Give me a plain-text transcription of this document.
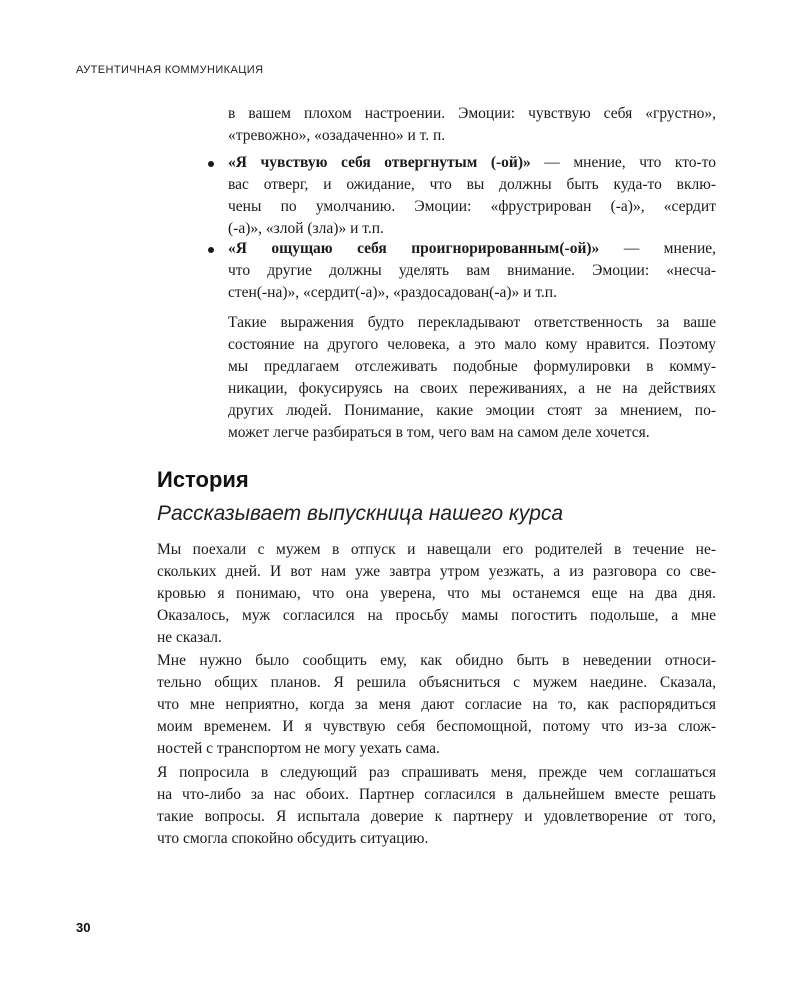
АУТЕНТИЧНАЯ КОММУНИКАЦИЯ
в вашем плохом настроении. Эмоции: чувствую себя «грустно»,
«тревожно», «озадаченно» и т. п.
«Я чувствую себя отвергнутым (-ой)» — мнение, что кто-то
вас отверг, и ожидание, что вы должны быть куда-то вклю-
чены по умолчанию. Эмоции: «фрустрирован (-а)», «сердит
(-а)», «злой (зла)» и т.п.
«Я ощущаю себя проигнорированным(-ой)» — мнение,
что другие должны уделять вам внимание. Эмоции: «несча-
стен(-на)», «сердит(-а)», «раздосадован(-а)» и т.п.
Такие выражения будто перекладывают ответственность за ваше
состояние на другого человека, а это мало кому нравится. Поэтому
мы предлагаем отслеживать подобные формулировки в комму-
никации, фокусируясь на своих переживаниях, а не на действиях
других людей. Понимание, какие эмоции стоят за мнением, по-
может легче разбираться в том, чего вам на самом деле хочется.
История
Рассказывает выпускница нашего курса
Мы поехали с мужем в отпуск и навещали его родителей в течение не-
скольких дней. И вот нам уже завтра утром уезжать, а из разговора со све-
кровью я понимаю, что она уверена, что мы останемся еще на два дня.
Оказалось, муж согласился на просьбу мамы погостить подольше, а мне
не сказал.
Мне нужно было сообщить ему, как обидно быть в неведении относи-
тельно общих планов. Я решила объясниться с мужем наедине. Сказала,
что мне неприятно, когда за меня дают согласие на то, как распорядиться
моим временем. И я чувствую себя беспомощной, потому что из-за слож-
ностей с транспортом не могу уехать сама.
Я попросила в следующий раз спрашивать меня, прежде чем соглашаться
на что-либо за нас обоих. Партнер согласился в дальнейшем вместе решать
такие вопросы. Я испытала доверие к партнеру и удовлетворение от того,
что смогла спокойно обсудить ситуацию.
30
